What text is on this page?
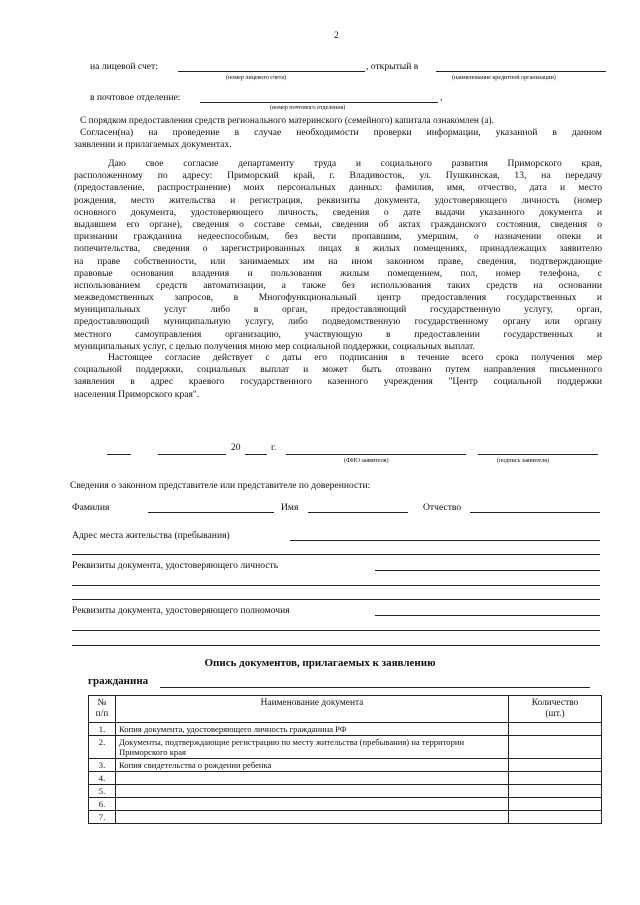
2
на лицевой счет:
(номер лицевого счета)
, открытый в
(наименование кредитной организации)
в почтовое отделение:	,
(номер почтового отделения)
С порядком предоставления средств регионального материнского (семейного) капитала ознакомлен (а).
Согласен(на) на проведение в случае необходимости проверки информации, указанной в данном
заявлении и прилагаемых документах.
Даю свое согласие департаменту труда и социального развития Приморского края,
расположенному по адресу: Приморский край, г. Владивосток, ул. Пушкинская, 13, на передачу
(предоставление, распространение) моих персональных данных: фамилия, имя, отчество, дата и место
рождения, место жительства и регистрация, реквизиты документа, удостоверяющего личность (номер
основного документа, удостоверяющего личность, сведения о дате выдачи указанного документа и
выдавшем его органе), сведения о составе семьи, сведения об актах гражданского состояния, сведения о
признании гражданина недееспособным, без вести пропавшим, умершим, о назначении опеки и
попечительства, сведения о зарегистрированных лицах в жилых помещениях, принадлежащих заявителю
на праве собственности, или занимаемых им на ином законном праве, сведения, подтверждающие
правовые основания владения и пользования жилым помещением, пол, номер телефона, с
использованием средств автоматизации, а также без использования таких средств на основании
межведомственных запросов, в Многофункциональный центр предоставления государственных и
муниципальных услуг либо в орган, предоставляющий государственную услугу, орган,
предоставляющий муниципальную услугу, либо подведомственную государственному органу или органу
местного самоуправления организацию, участвующую в предоставлении государственных и
муниципальных услуг, с целью получения мною мер социальной поддержки, социальных выплат.
Настоящее согласие действует с даты его подписания в течение всего срока получения мер
социальной поддержки, социальных выплат и может быть отозвано путем направления письменного
заявления в адрес краевого государственного казенного учреждения "Центр социальной поддержки
населения Приморского края".
20	г.
(ФИО заявителя)	(подпись заявителя)
Сведения о законном представителе или представителе по доверенности:
Фамилия	Имя	Отчество
Адрес места жительства (пребывания)
Реквизиты документа, удостоверяющего личность
Реквизиты документа, удостоверяющего полномочия
Опись документов, прилагаемых к заявлению
гражданина
№
п/п	Наименование документа	Количество
(шт.)
1.	Копия документа, удостоверяющего личность гражданина РФ	
2.	Документы, подтверждающие регистрацию по месту жительства (пребывания) на территории Приморского края	
3.	Копия свидетельства о рождении ребенка	
4.		
5.		
6.		
7.		
